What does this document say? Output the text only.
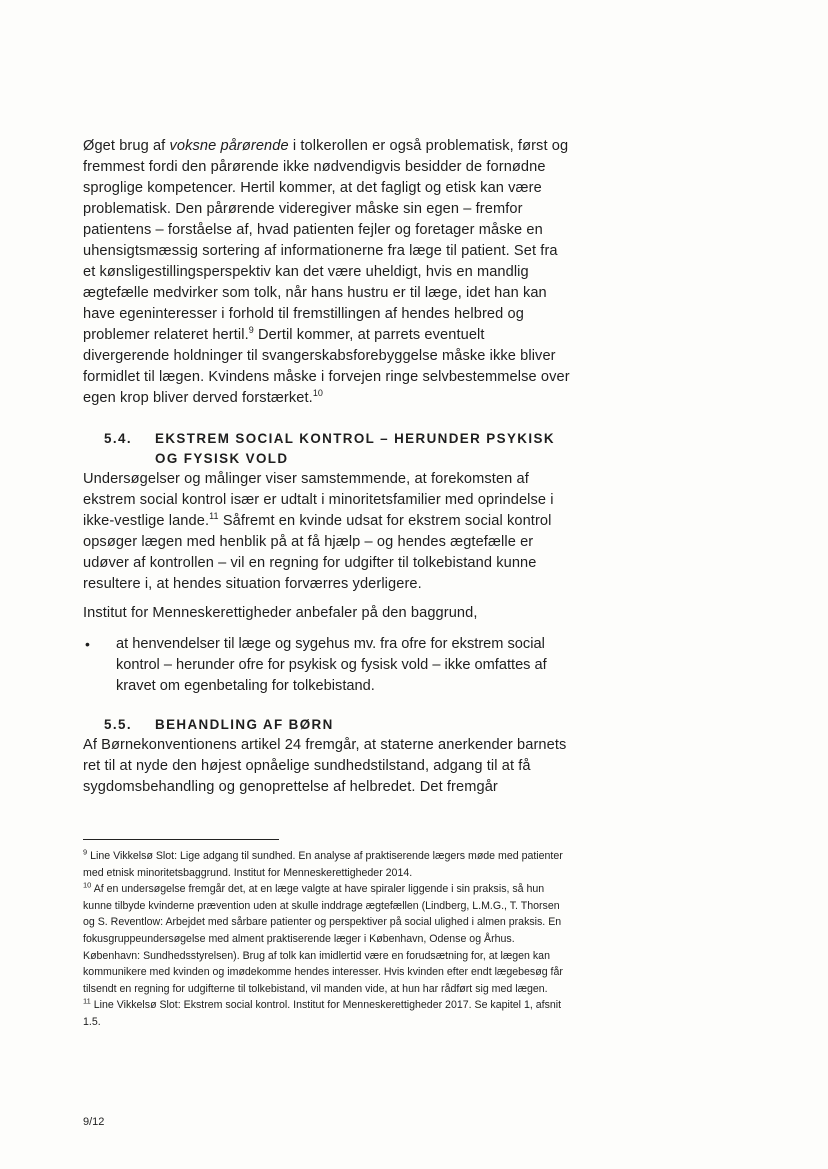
Øget brug af voksne pårørende i tolkerollen er også problematisk, først og fremmest fordi den pårørende ikke nødvendigvis besidder de fornødne sproglige kompetencer. Hertil kommer, at det fagligt og etisk kan være problematisk. Den pårørende videregiver måske sin egen – fremfor patientens – forståelse af, hvad patienten fejler og foretager måske en uhensigtsmæssig sortering af informationerne fra læge til patient. Set fra et kønsligestillingsperspektiv kan det være uheldigt, hvis en mandlig ægtefælle medvirker som tolk, når hans hustru er til læge, idet han kan have egeninteresser i forhold til fremstillingen af hendes helbred og problemer relateret hertil.$^9$ Dertil kommer, at parrets eventuelt divergerende holdninger til svangerskabsforebyggelse måske ikke bliver formidlet til lægen. Kvindens måske i forvejen ringe selvbestemmelse over egen krop bliver derved forstærket.$^{10}$

5.4.	EKSTREM SOCIAL KONTROL – HERUNDER PSYKISK OG FYSISK VOLD

Undersøgelser og målinger viser samstemmende, at forekomsten af ekstrem social kontrol især er udtalt i minoritetsfamilier med oprindelse i ikke-vestlige lande.$^{11}$ Såfremt en kvinde udsat for ekstrem social kontrol opsøger lægen med henblik på at få hjælp – og hendes ægtefælle er udøver af kontrollen – vil en regning for udgifter til tolkebistand kunne resultere i, at hendes situation forværres yderligere.

Institut for Menneskerettigheder anbefaler på den baggrund,

• at henvendelser til læge og sygehus mv. fra ofre for ekstrem social kontrol – herunder ofre for psykisk og fysisk vold – ikke omfattes af kravet om egenbetaling for tolkebistand.
5.5.	BEHANDLING AF BØRN

Af Børnekonventionens artikel 24 fremgår, at staterne anerkender barnets ret til at nyde den højest opnåelige sundhedstilstand, adgang til at få sygdomsbehandling og genoprettelse af helbredet. Det fremgår

$^9$ Line Vikkelsø Slot: Lige adgang til sundhed. En analyse af praktiserende lægers møde med patienter med etnisk minoritetsbaggrund. Institut for Menneskerettigheder 2014.

$^{10}$ Af en undersøgelse fremgår det, at en læge valgte at have spiraler liggende i sin praksis, så hun kunne tilbyde kvinderne prævention uden at skulle inddrage ægtefællen (Lindberg, L.M.G., T. Thorsen og S. Reventlow: Arbejdet med sårbare patienter og perspektiver på social ulighed i almen praksis. En fokusgruppeundersøgelse med alment praktiserende læger i København, Odense og Århus. København: Sundhedsstyrelsen). Brug af tolk kan imidlertid være en forudsætning for, at lægen kan kommunikere med kvinden og imødekomme hendes interesser. Hvis kvinden efter endt lægebesøg får tilsendt en regning for udgifterne til tolkebistand, vil manden vide, at hun har rådført sig med lægen.

$^{11}$ Line Vikkelsø Slot: Ekstrem social kontrol. Institut for Menneskerettigheder 2017. Se kapitel 1, afsnit 1.5.

9/12
